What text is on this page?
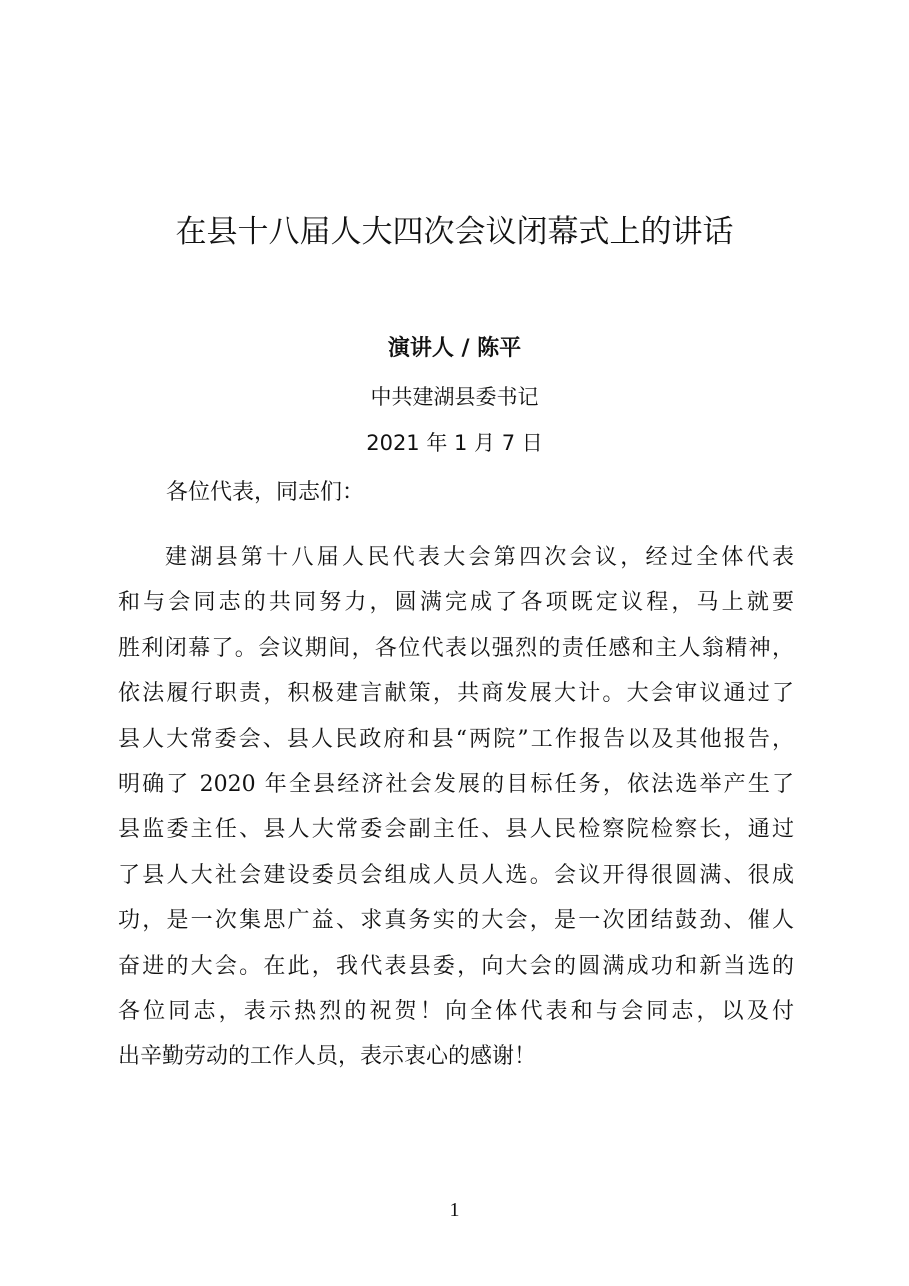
在县十八届人大四次会议闭幕式上的讲话
演讲人 / 陈平
中共建湖县委书记
2021 年 1 月 7 日
各位代表，同志们：
建湖县第十八届人民代表大会第四次会议，经过全体代表
和与会同志的共同努力，圆满完成了各项既定议程，马上就要
胜利闭幕了。会议期间，各位代表以强烈的责任感和主人翁精神，
依法履行职责，积极建言献策，共商发展大计。大会审议通过了
县人大常委会、县人民政府和县“两院”工作报告以及其他报告，
明确了 2020 年全县经济社会发展的目标任务，依法选举产生了
县监委主任、县人大常委会副主任、县人民检察院检察长，通过
了县人大社会建设委员会组成人员人选。会议开得很圆满、很成
功，是一次集思广益、求真务实的大会，是一次团结鼓劲、催人
奋进的大会。在此，我代表县委，向大会的圆满成功和新当选的
各位同志，表示热烈的祝贺！向全体代表和与会同志，以及付
出辛勤劳动的工作人员，表示衷心的感谢！
1
